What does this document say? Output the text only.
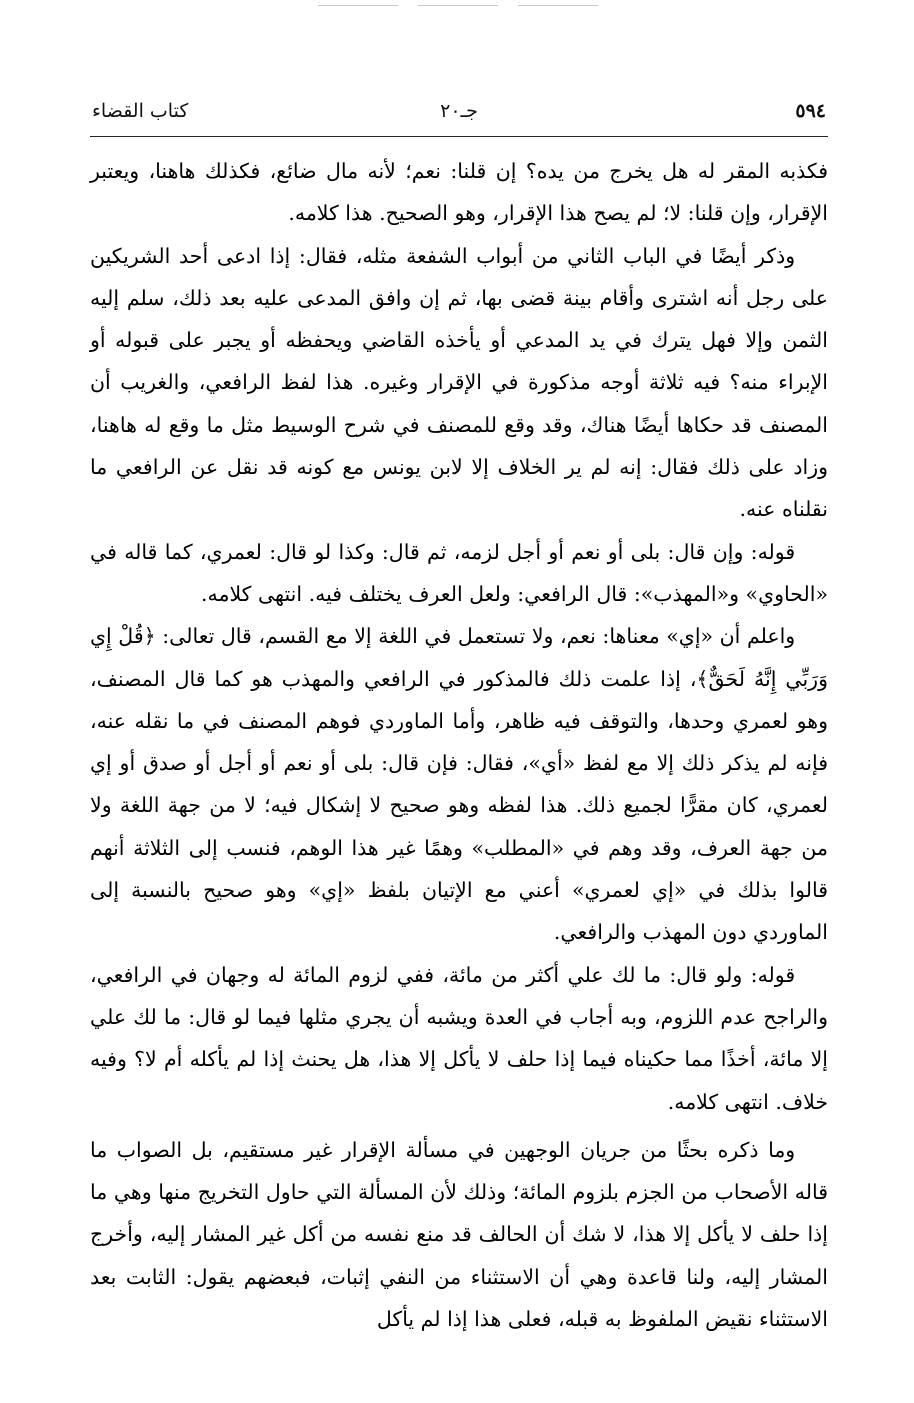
٥٩٤
جـ٢٠
كتاب القضاء

فكذبه المقر له هل يخرج من يده؟ إن قلنا: نعم؛ لأنه مال ضائع، فكذلك هاهنا، ويعتبر الإقرار، وإن قلنا: لا؛ لم يصح هذا الإقرار، وهو الصحيح. هذا كلامه.

وذكر أيضًا في الباب الثاني من أبواب الشفعة مثله، فقال: إذا ادعى أحد الشريكين على رجل أنه اشترى وأقام بينة قضى بها، ثم إن وافق المدعى عليه بعد ذلك، سلم إليه الثمن وإلا فهل يترك في يد المدعي أو يأخذه القاضي ويحفظه أو يجبر على قبوله أو الإبراء منه؟ فيه ثلاثة أوجه مذكورة في الإقرار وغيره. هذا لفظ الرافعي، والغريب أن المصنف قد حكاها أيضًا هناك، وقد وقع للمصنف في شرح الوسيط مثل ما وقع له هاهنا، وزاد على ذلك فقال: إنه لم ير الخلاف إلا لابن يونس مع كونه قد نقل عن الرافعي ما نقلناه عنه.

قوله: وإن قال: بلى أو نعم أو أجل لزمه، ثم قال: وكذا لو قال: لعمري، كما قاله في «الحاوي» و«المهذب»: قال الرافعي: ولعل العرف يختلف فيه. انتهى كلامه.

واعلم أن «إي» معناها: نعم، ولا تستعمل في اللغة إلا مع القسم، قال تعالى: ﴿قُلْ إِي وَرَبِّي إِنَّهُ لَحَقٌّ﴾، إذا علمت ذلك فالمذكور في الرافعي والمهذب هو كما قال المصنف، وهو لعمري وحدها، والتوقف فيه ظاهر، وأما الماوردي فوهم المصنف في ما نقله عنه، فإنه لم يذكر ذلك إلا مع لفظ «أي»، فقال: فإن قال: بلى أو نعم أو أجل أو صدق أو إي لعمري، كان مقرًّا لجميع ذلك. هذا لفظه وهو صحيح لا إشكال فيه؛ لا من جهة اللغة ولا من جهة العرف، وقد وهم في «المطلب» وهمًا غير هذا الوهم، فنسب إلى الثلاثة أنهم قالوا بذلك في «إي لعمري» أعني مع الإتيان بلفظ «إي» وهو صحيح بالنسبة إلى الماوردي دون المهذب والرافعي.

قوله: ولو قال: ما لك علي أكثر من مائة، ففي لزوم المائة له وجهان في الرافعي، والراجح عدم اللزوم، وبه أجاب في العدة ويشبه أن يجري مثلها فيما لو قال: ما لك علي إلا مائة، أخذًا مما حكيناه فيما إذا حلف لا يأكل إلا هذا، هل يحنث إذا لم يأكله أم لا؟ وفيه خلاف. انتهى كلامه.

وما ذكره بحثًا من جريان الوجهين في مسألة الإقرار غير مستقيم، بل الصواب ما قاله الأصحاب من الجزم بلزوم المائة؛ وذلك لأن المسألة التي حاول التخريج منها وهي ما إذا حلف لا يأكل إلا هذا، لا شك أن الحالف قد منع نفسه من أكل غير المشار إليه، وأخرج المشار إليه، ولنا قاعدة وهي أن الاستثناء من النفي إثبات، فبعضهم يقول: الثابت بعد الاستثناء نقيض الملفوظ به قبله، فعلى هذا إذا لم يأكل
